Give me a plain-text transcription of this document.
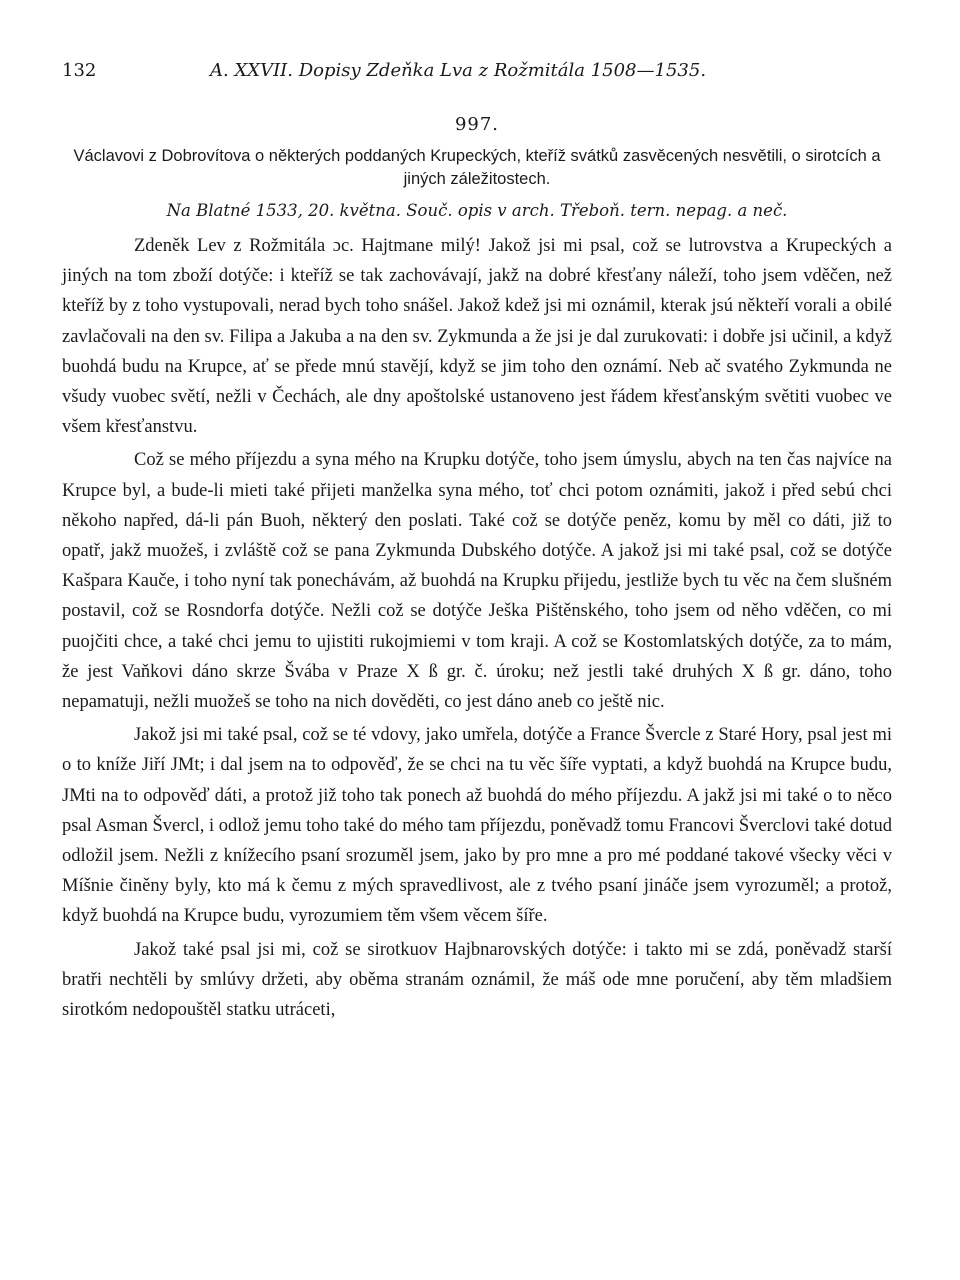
132	A. XXVII. Dopisy Zdeňka Lva z Rožmitála 1508—1535.
997.
Václavovi z Dobrovítova o některých poddaných Krupeckých, kteříž svátků zasvěcených nesvětili, o sirotcích a jiných záležitostech.
Na Blatné 1533, 20. května. Souč. opis v arch. Třeboň. tern. nepag. a neč.

Zdeněk Lev z Rožmitála ɔc. Hajtmane milý! Jakož jsi mi psal, což se lutrovstva a Krupeckých a jiných na tom zboží dotýče: i kteříž se tak zachovávají, jakž na dobré křesťany náleží, toho jsem vděčen, než kteříž by z toho vystupovali, nerad bych toho snášel. Jakož kdež jsi mi oznámil, kterak jsú někteří vorali a obilé zavlačovali na den sv. Filipa a Jakuba a na den sv. Zykmunda a že jsi je dal zurukovati: i dobře jsi učinil, a když buohdá budu na Krupce, ať se přede mnú stavějí, když se jim toho den oznámí. Neb ač svatého Zykmunda ne všudy vuobec světí, nežli v Čechách, ale dny apoštolské ustanoveno jest řádem křesťanským světiti vuobec ve všem křesťanstvu.

Což se mého příjezdu a syna mého na Krupku dotýče, toho jsem úmyslu, abych na ten čas najvíce na Krupce byl, a bude-li mieti také přijeti manželka syna mého, toť chci potom oznámiti, jakož i před sebú chci někoho napřed, dá-li pán Buoh, některý den poslati. Také což se dotýče peněz, komu by měl co dáti, již to opatř, jakž muožeš, i zvláště což se pana Zykmunda Dubského dotýče. A jakož jsi mi také psal, což se dotýče Kašpara Kauče, i toho nyní tak ponechávám, až buohdá na Krupku přijedu, jestliže bych tu věc na čem slušném postavil, což se Rosndorfa dotýče. Nežli což se dotýče Ješka Pištěnského, toho jsem od něho vděčen, co mi puojčiti chce, a také chci jemu to ujistiti rukojmiemi v tom kraji. A což se Kostomlatských dotýče, za to mám, že jest Vaňkovi dáno skrze Švába v Praze X ß gr. č. úroku; než jestli také druhých X ß gr. dáno, toho nepamatuji, nežli muožeš se toho na nich dověděti, co jest dáno aneb co ještě nic.

Jakož jsi mi také psal, což se té vdovy, jako umřela, dotýče a France Švercle z Staré Hory, psal jest mi o to kníže Jiří JMt; i dal jsem na to odpověď, že se chci na tu věc šíře vyptati, a když buohdá na Krupce budu, JMti na to odpověď dáti, a protož již toho tak ponech až buohdá do mého příjezdu. A jakž jsi mi také o to něco psal Asman Švercl, i odlož jemu toho také do mého tam příjezdu, poněvadž tomu Francovi Šverclovi také dotud odložil jsem. Nežli z knížecího psaní srozuměl jsem, jako by pro mne a pro mé poddané takové všecky věci v Míšnie činěny byly, kto má k čemu z mých spravedlivost, ale z tvého psaní jináče jsem vyrozuměl; a protož, když buohdá na Krupce budu, vyrozumiem těm všem věcem šíře.

Jakož také psal jsi mi, což se sirotkuov Hajbnarovských dotýče: i takto mi se zdá, poněvadž starší bratři nechtěli by smlúvy držeti, aby oběma stranám oznámil, že máš ode mne poručení, aby těm mladšiem sirotkóm nedopouštěl statku utráceti,
